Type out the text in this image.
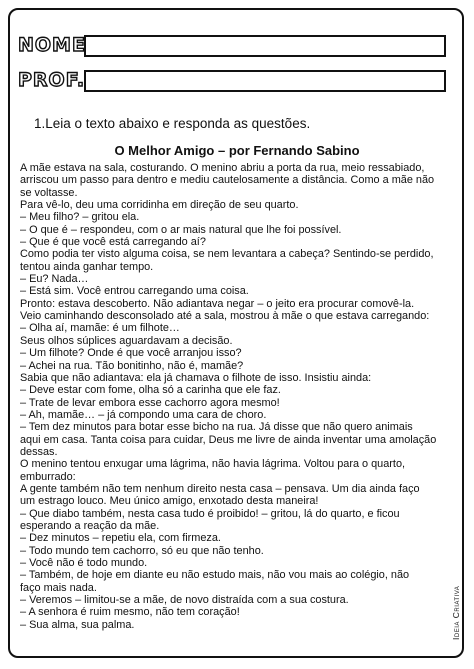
NOME
PROF.
1.Leia o texto abaixo e responda as questões.
O Melhor Amigo – por Fernando Sabino
A mãe estava na sala, costurando. O menino abriu a porta da rua, meio ressabiado,
arriscou um passo para dentro e mediu cautelosamente a distância. Como a mãe não
se voltasse.
Para vê-lo, deu uma corridinha em direção de seu quarto.
– Meu filho? – gritou ela.
– O que é – respondeu, com o ar mais natural que lhe foi possível.
– Que é que você está carregando aí?
Como podia ter visto alguma coisa, se nem levantara a cabeça? Sentindo-se perdido,
tentou ainda ganhar tempo.
– Eu? Nada…
– Está sim. Você entrou carregando uma coisa.
Pronto: estava descoberto. Não adiantava negar – o jeito era procurar comovê-la.
Veio caminhando desconsolado até a sala, mostrou à mãe o que estava carregando:
– Olha aí, mamãe: é um filhote…
Seus olhos súplices aguardavam a decisão.
– Um filhote? Onde é que você arranjou isso?
– Achei na rua. Tão bonitinho, não é, mamãe?
Sabia que não adiantava: ela já chamava o filhote de isso. Insistiu ainda:
– Deve estar com fome, olha só a carinha que ele faz.
– Trate de levar embora esse cachorro agora mesmo!
– Ah, mamãe… – já compondo uma cara de choro.
– Tem dez minutos para botar esse bicho na rua. Já disse que não quero animais
aqui em casa. Tanta coisa para cuidar, Deus me livre de ainda inventar uma amolação
dessas.
O menino tentou enxugar uma lágrima, não havia lágrima. Voltou para o quarto,
emburrado:
A gente também não tem nenhum direito nesta casa – pensava. Um dia ainda faço
um estrago louco. Meu único amigo, enxotado desta maneira!
– Que diabo também, nesta casa tudo é proibido! – gritou, lá do quarto, e ficou
esperando a reação da mãe.
– Dez minutos – repetiu ela, com firmeza.
– Todo mundo tem cachorro, só eu que não tenho.
– Você não é todo mundo.
– Também, de hoje em diante eu não estudo mais, não vou mais ao colégio, não
faço mais nada.
– Veremos – limitou-se a mãe, de novo distraída com a sua costura.
– A senhora é ruim mesmo, não tem coração!
– Sua alma, sua palma.	Ideia Criativa
